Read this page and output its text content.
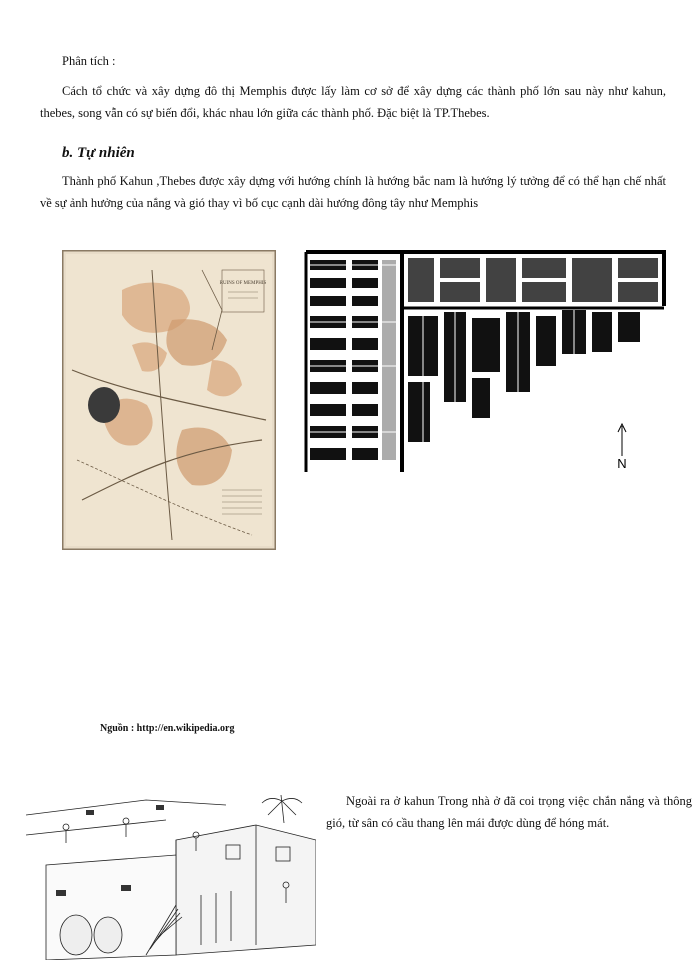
Phân tích :
Cách tổ chức và xây dựng đô thị Memphis được lấy làm cơ sở để xây dựng các thành phố lớn sau này như kahun, thebes, song vẫn có sự biến đổi, khác nhau lớn giữa các thành phố. Đặc biệt là TP.Thebes.
b. Tự nhiên
Thành phố Kahun ,Thebes được xây dựng với hướng chính là hướng bắc nam là hướng lý tưởng để có thể hạn chế nhất về sự ảnh hưởng của nắng và gió thay vì bố cục cạnh dài hướng đông tây như Memphis
RUINS OF MEMPHIS
N
Nguồn : http://en.wikipedia.org
Ngoài ra ở kahun Trong nhà ở đã coi trọng việc chắn nắng và thông gió, từ sân có cầu thang lên mái được dùng để hóng mát.
